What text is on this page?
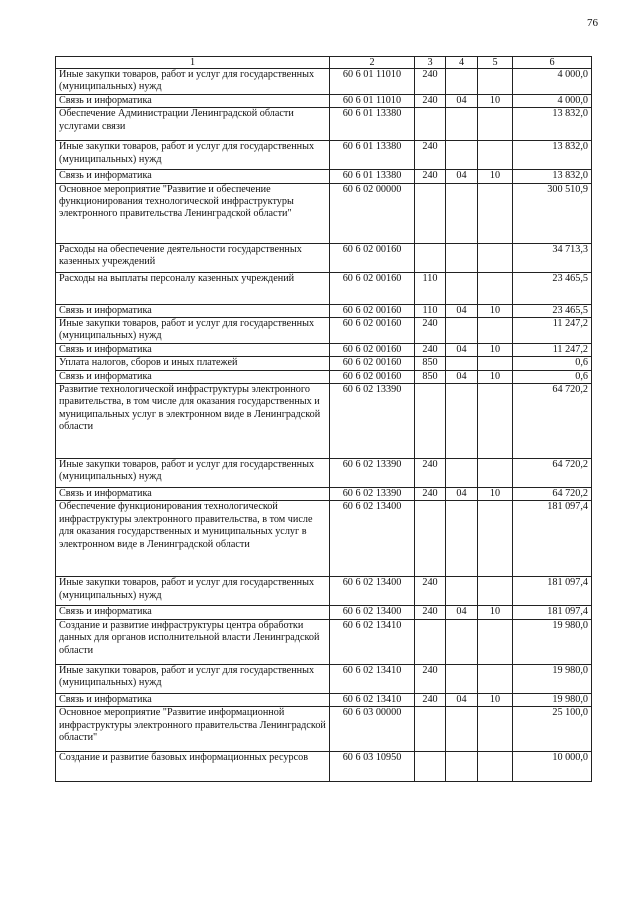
76
1	2	3	4	5	6
Иные закупки товаров, работ и услуг для государственных (муниципальных) нужд	60 6 01 11010	240			4 000,0
Связь и информатика	60 6 01 11010	240	04	10	4 000,0
Обеспечение Администрации Ленинградской области услугами связи	60 6 01 13380				13 832,0
Иные закупки товаров, работ и услуг для государственных (муниципальных) нужд	60 6 01 13380	240			13 832,0
Связь и информатика	60 6 01 13380	240	04	10	13 832,0
Основное мероприятие "Развитие и обеспечение функционирования технологической инфраструктуры электронного правительства Ленинградской области"	60 6 02 00000				300 510,9
Расходы на обеспечение деятельности государственных казенных учреждений	60 6 02 00160				34 713,3
Расходы на выплаты персоналу казенных учреждений	60 6 02 00160	110			23 465,5
Связь и информатика	60 6 02 00160	110	04	10	23 465,5
Иные закупки товаров, работ и услуг для государственных (муниципальных) нужд	60 6 02 00160	240			11 247,2
Связь и информатика	60 6 02 00160	240	04	10	11 247,2
Уплата налогов, сборов и иных платежей	60 6 02 00160	850			0,6
Связь и информатика	60 6 02 00160	850	04	10	0,6
Развитие технологической инфраструктуры электронного правительства, в том числе для оказания государственных и муниципальных услуг в электронном виде в Ленинградской области	60 6 02 13390				64 720,2
Иные закупки товаров, работ и услуг для государственных (муниципальных) нужд	60 6 02 13390	240			64 720,2
Связь и информатика	60 6 02 13390	240	04	10	64 720,2
Обеспечение функционирования технологической инфраструктуры электронного правительства, в том числе для оказания государственных и муниципальных услуг в электронном виде в Ленинградской области	60 6 02 13400				181 097,4
Иные закупки товаров, работ и услуг для государственных (муниципальных) нужд	60 6 02 13400	240			181 097,4
Связь и информатика	60 6 02 13400	240	04	10	181 097,4
Создание и развитие инфраструктуры центра обработки данных для органов исполнительной власти Ленинградской области	60 6 02 13410				19 980,0
Иные закупки товаров, работ и услуг для государственных (муниципальных) нужд	60 6 02 13410	240			19 980,0
Связь и информатика	60 6 02 13410	240	04	10	19 980,0
Основное мероприятие "Развитие информационной инфраструктуры электронного правительства Ленинградской области"	60 6 03 00000				25 100,0
Создание и развитие базовых информационных ресурсов	60 6 03 10950				10 000,0
